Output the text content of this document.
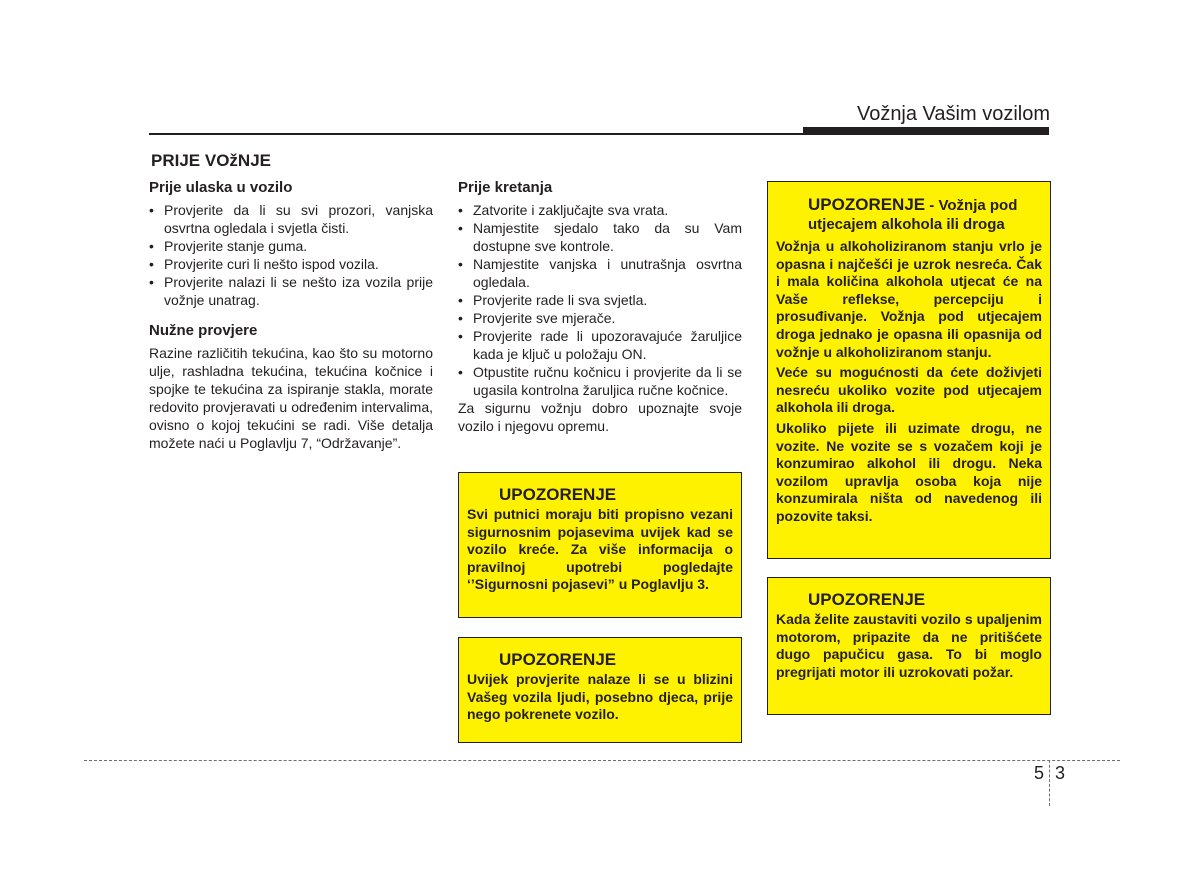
Vožnja Vašim vozilom
PRIJE VOžNJE
Prije ulaska u vozilo
• Provjerite da li su svi prozori, vanjska osvrtna ogledala i svjetla čisti.
• Provjerite stanje guma.
• Provjerite curi li nešto ispod vozila.
• Provjerite nalazi li se nešto iza vozila prije vožnje unatrag.
Nužne provjere

Razine različitih tekućina, kao što su motorno ulje, rashladna tekućina, tekućina kočnice i spojke te tekućina za ispiranje stakla, morate redovito provjeravati u određenim intervalima, ovisno o kojoj tekućini se radi. Više detalja možete naći u Poglavlju 7, “Održavanje”.

Prije kretanja
• Zatvorite i zaključajte sva vrata.
• Namjestite sjedalo tako da su Vam dostupne sve kontrole.
• Namjestite vanjska i unutrašnja osvrtna ogledala.
• Provjerite rade li sva svjetla.
• Provjerite sve mjerače.
• Provjerite rade li upozoravajuće žaruljice kada je ključ u položaju ON.
• Otpustite ručnu kočnicu i provjerite da li se ugasila kontrolna žaruljica ručne kočnice.

Za sigurnu vožnju dobro upoznajte svoje vozilo i njegovu opremu.

UPOZORENJE

Svi putnici moraju biti propisno vezani sigurnosnim pojasevima uvijek kad se vozilo kreće. Za više informacija o pravilnoj upotrebi pogledajte ‘’Sigurnosni pojasevi” u Poglavlju 3.

UPOZORENJE

Uvijek provjerite nalaze li se u blizini Vašeg vozila ljudi, posebno djeca, prije nego pokrenete vozilo.

UPOZORENJE - Vožnja pod utjecajem alkohola ili droga

Vožnja u alkoholiziranom stanju vrlo je opasna i najčešći je uzrok nesreća. Čak i mala količina alkohola utjecat će na Vaše reflekse, percepciju i prosuđivanje. Vožnja pod utjecajem droga jednako je opasna ili opasnija od vožnje u alkoholiziranom stanju.

Veće su mogućnosti da ćete doživjeti nesreću ukoliko vozite pod utjecajem alkohola ili droga.

Ukoliko pijete ili uzimate drogu, ne vozite. Ne vozite se s vozačem koji je konzumirao alkohol ili drogu. Neka vozilom upravlja osoba koja nije konzumirala ništa od navedenog ili pozovite taksi.

UPOZORENJE

Kada želite zaustaviti vozilo s upaljenim motorom, pripazite da ne pritišćete dugo papučicu gasa. To bi moglo pregrijati motor ili uzrokovati požar.

5 3
